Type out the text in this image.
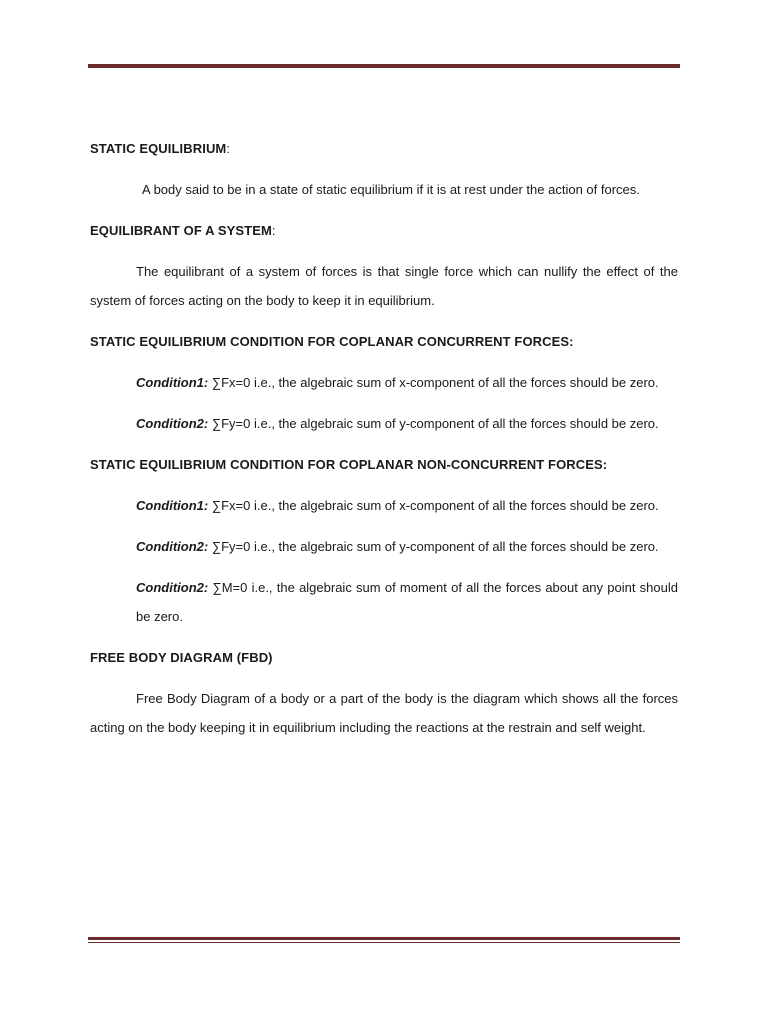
STATIC EQUILIBRIUM:

A body said to be in a state of static equilibrium if it is at rest under the action of forces.

EQUILIBRANT OF A SYSTEM:

The equilibrant of a system of forces is that single force which can nullify the effect of the system of forces acting on the body to keep it in equilibrium.

STATIC EQUILIBRIUM CONDITION FOR COPLANAR CONCURRENT FORCES:

Condition1: ∑Fx=0 i.e., the algebraic sum of x-component of all the forces should be zero.

Condition2: ∑Fy=0 i.e., the algebraic sum of y-component of all the forces should be zero.

STATIC EQUILIBRIUM CONDITION FOR COPLANAR NON-CONCURRENT FORCES:

Condition1: ∑Fx=0 i.e., the algebraic sum of x-component of all the forces should be zero.

Condition2: ∑Fy=0 i.e., the algebraic sum of y-component of all the forces should be zero.

Condition2: ∑M=0 i.e., the algebraic sum of moment of all the forces about any point should be zero.

FREE BODY DIAGRAM (FBD)

Free Body Diagram of a body or a part of the body is the diagram which shows all the forces acting on the body keeping it in equilibrium including the reactions at the restrain and self weight.
